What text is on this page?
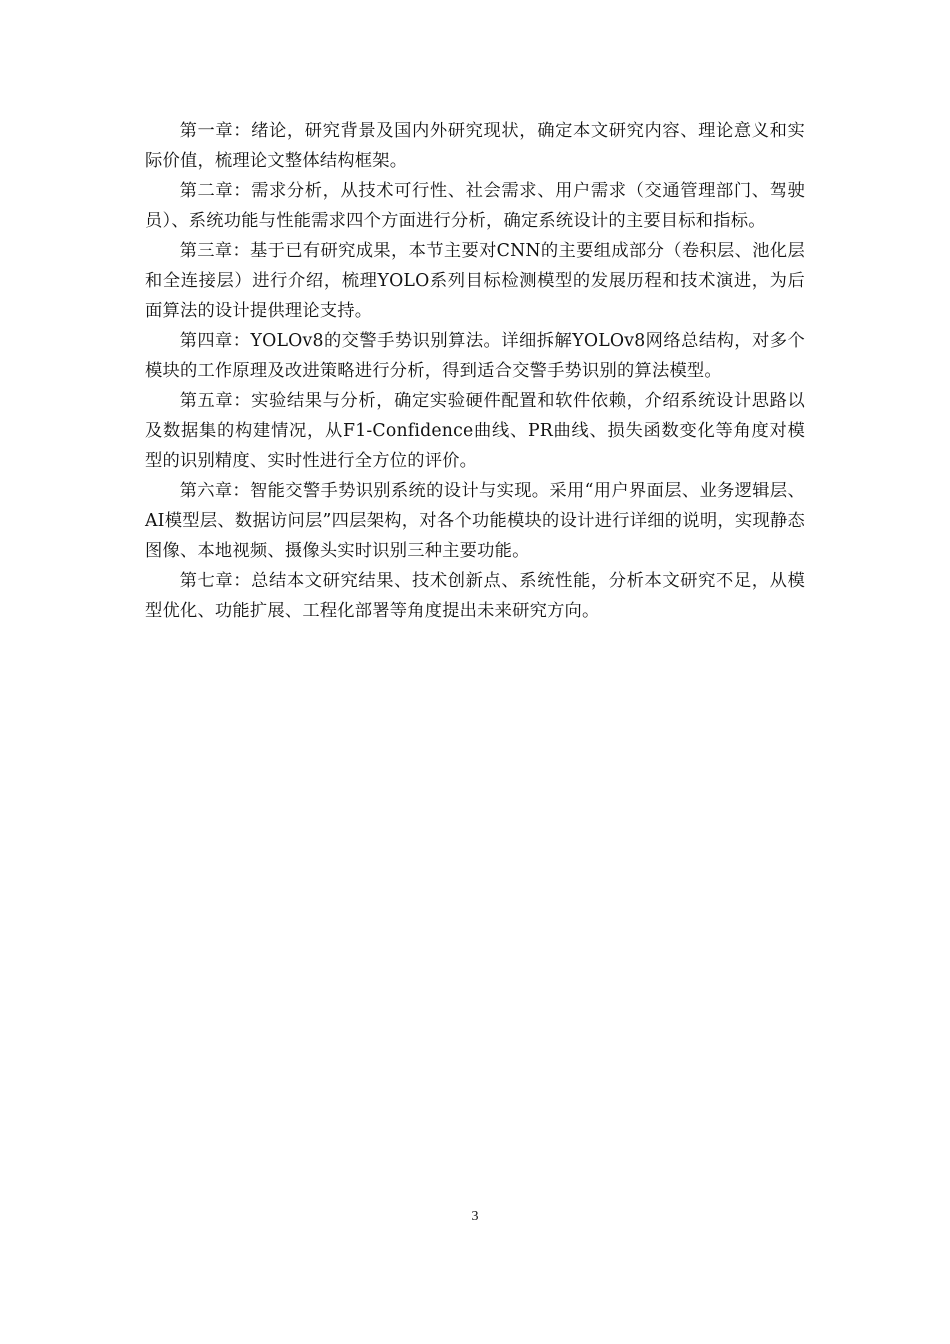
第一章：绪论，研究背景及国内外研究现状，确定本文研究内容、理论意义和实际价值，梳理论文整体结构框架。

第二章：需求分析，从技术可行性、社会需求、用户需求（交通管理部门、驾驶员）、系统功能与性能需求四个方面进行分析，确定系统设计的主要目标和指标。

第三章：基于已有研究成果，本节主要对CNN的主要组成部分（卷积层、池化层和全连接层）进行介绍，梳理YOLO系列目标检测模型的发展历程和技术演进，为后面算法的设计提供理论支持。

第四章：YOLOv8的交警手势识别算法。详细拆解YOLOv8网络总结构，对多个模块的工作原理及改进策略进行分析，得到适合交警手势识别的算法模型。

第五章：实验结果与分析，确定实验硬件配置和软件依赖，介绍系统设计思路以及数据集的构建情况，从F1-Confidence曲线、PR曲线、损失函数变化等角度对模型的识别精度、实时性进行全方位的评价。

第六章：智能交警手势识别系统的设计与实现。采用“用户界面层、业务逻辑层、AI模型层、数据访问层”四层架构，对各个功能模块的设计进行详细的说明，实现静态图像、本地视频、摄像头实时识别三种主要功能。

第七章：总结本文研究结果、技术创新点、系统性能，分析本文研究不足，从模型优化、功能扩展、工程化部署等角度提出未来研究方向。

3
